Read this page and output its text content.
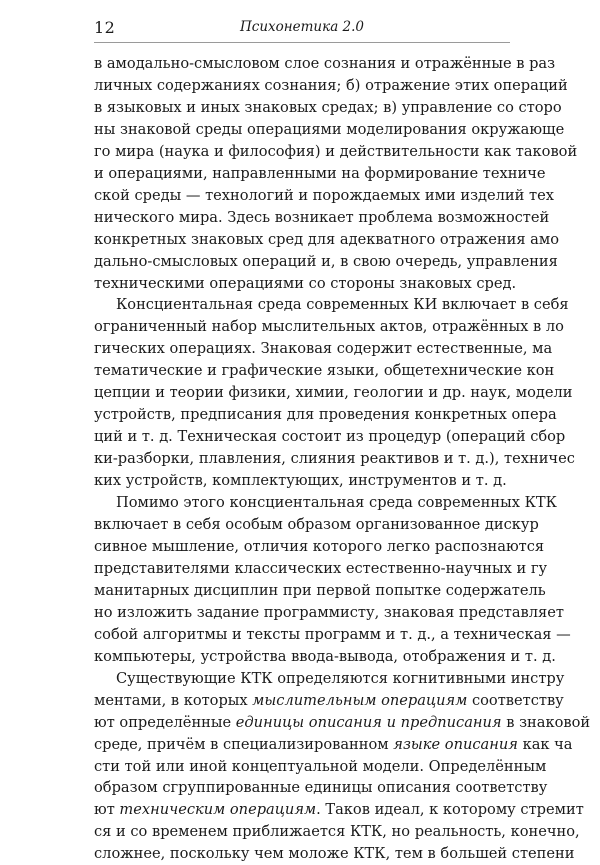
12	Психонетика 2.0
в амодально-смысловом слое сознания и отражённые в раз
личных содержаниях сознания; б) отражение этих операций
в языковых и иных знаковых средах; в) управление со сторо
ны знаковой среды операциями моделирования окружающе
го мира (наука и философия) и действительности как таковой
и операциями, направленными на формирование техниче
ской среды — технологий и порождаемых ими изделий тех
нического мира. Здесь возникает проблема возможностей
конкретных знаковых сред для адекватного отражения амо
дально-смысловых операций и, в свою очередь, управления
техническими операциями со стороны знаковых сред.
Консциентальная среда современных КИ включает в себя
ограниченный набор мыслительных актов, отражённых в ло
гических операциях. Знаковая содержит естественные, ма
тематические и графические языки, общетехнические кон
цепции и теории физики, химии, геологии и др. наук, модели
устройств, предписания для проведения конкретных опера
ций и т. д. Техническая состоит из процедур (операций сбор
ки-разборки, плавления, слияния реактивов и т. д.), техничес
ких устройств, комплектующих, инструментов и т. д.
Помимо этого консциентальная среда современных КТК
включает в себя особым образом организованное дискур
сивное мышление, отличия которого легко распознаются
представителями классических естественно-научных и гу
манитарных дисциплин при первой попытке содержатель
но изложить задание программисту, знаковая представляет
собой алгоритмы и тексты программ и т. д., а техническая —
компьютеры, устройства ввода-вывода, отображения и т. д.
Существующие КТК определяются когнитивными инстру
ментами, в которых мыслительным операциям соответству
ют определённые единицы описания и предписания в знаковой
среде, причём в специализированном языке описания как ча
сти той или иной концептуальной модели. Определённым
образом сгруппированные единицы описания соответству
ют техническим операциям. Таков идеал, к которому стремит
ся и со временем приближается КТК, но реальность, конечно,
сложнее, поскольку чем моложе КТК, тем в большей степени
